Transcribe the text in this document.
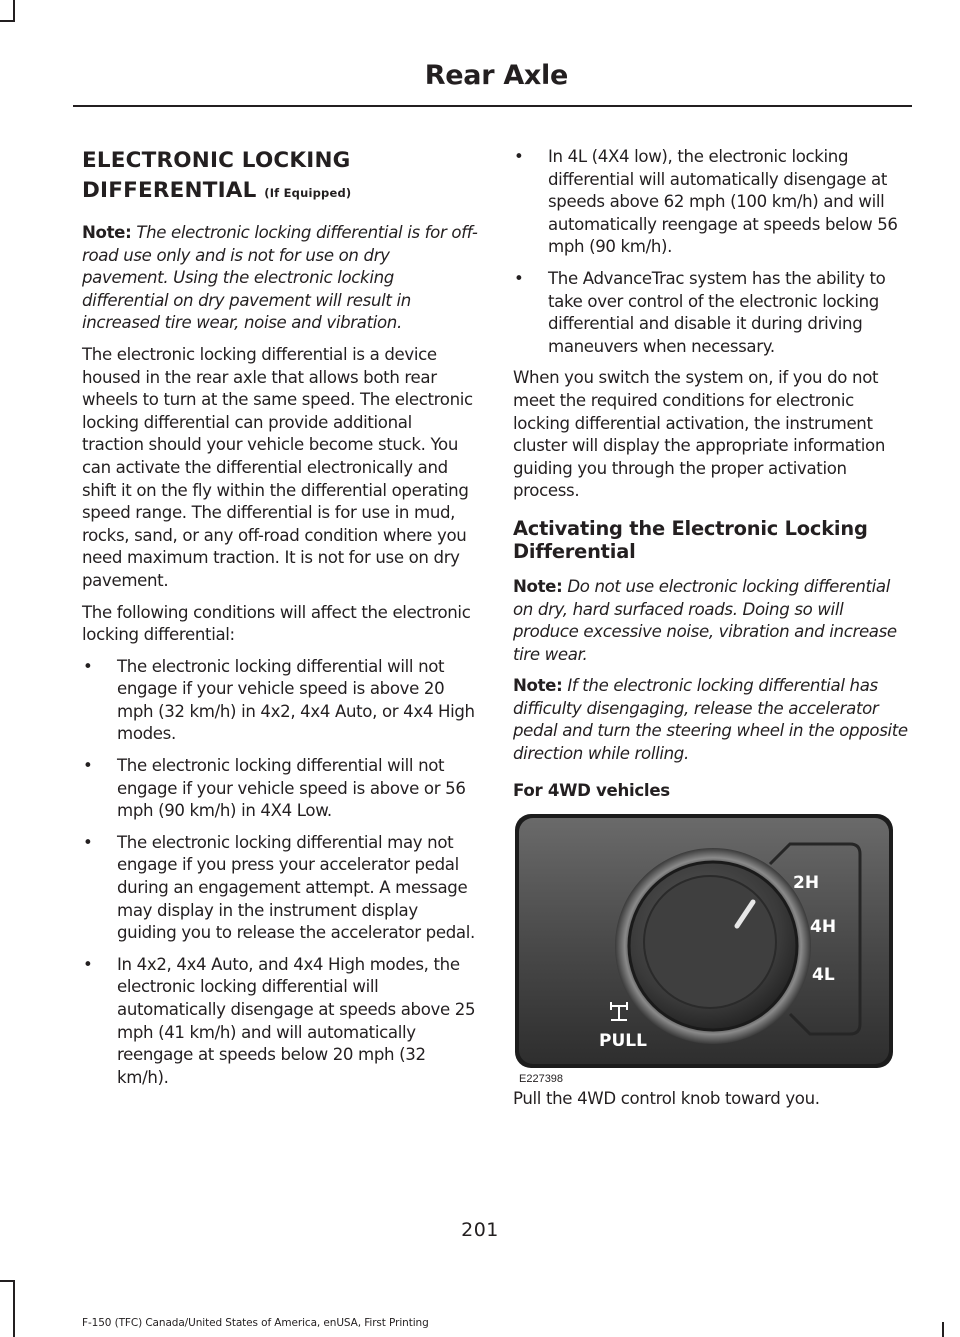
Rear Axle
ELECTRONIC LOCKING DIFFERENTIAL (If Equipped)

Note: The electronic locking differential is for off-road use only and is not for use on dry pavement. Using the electronic locking differential on dry pavement will result in increased tire wear, noise and vibration.

The electronic locking differential is a device housed in the rear axle that allows both rear wheels to turn at the same speed. The electronic locking differential can provide additional traction should your vehicle become stuck. You can activate the differential electronically and shift it on the fly within the differential operating speed range. The differential is for use in mud, rocks, sand, or any off-road condition where you need maximum traction. It is not for use on dry pavement.

The following conditions will affect the electronic locking differential:

• The electronic locking differential will not engage if your vehicle speed is above 20 mph (32 km/h) in 4x2, 4x4 Auto, or 4x4 High modes.
• The electronic locking differential will not engage if your vehicle speed is above or 56 mph (90 km/h) in 4X4 Low.
• The electronic locking differential may not engage if you press your accelerator pedal during an engagement attempt. A message may display in the instrument display guiding you to release the accelerator pedal.
• In 4x2, 4x4 Auto, and 4x4 High modes, the electronic locking differential will automatically disengage at speeds above 25 mph (41 km/h) and will automatically reengage at speeds below 20 mph (32 km/h).
• In 4L (4X4 low), the electronic locking differential will automatically disengage at speeds above 62 mph (100 km/h) and will automatically reengage at speeds below 56 mph (90 km/h).
• The AdvanceTrac system has the ability to take over control of the electronic locking differential and disable it during driving maneuvers when necessary.

When you switch the system on, if you do not meet the required conditions for electronic locking differential activation, the instrument cluster will display the appropriate information guiding you through the proper activation process.

Activating the Electronic Locking Differential

Note: Do not use electronic locking differential on dry, hard surfaced roads. Doing so will produce excessive noise, vibration and increase tire wear.

Note: If the electronic locking differential has difficulty disengaging, release the accelerator pedal and turn the steering wheel in the opposite direction while rolling.

For 4WD vehicles
2H
4H
4L
PULL
E227398

Pull the 4WD control knob toward you.

201
F-150 (TFC) Canada/United States of America, enUSA, First Printing
